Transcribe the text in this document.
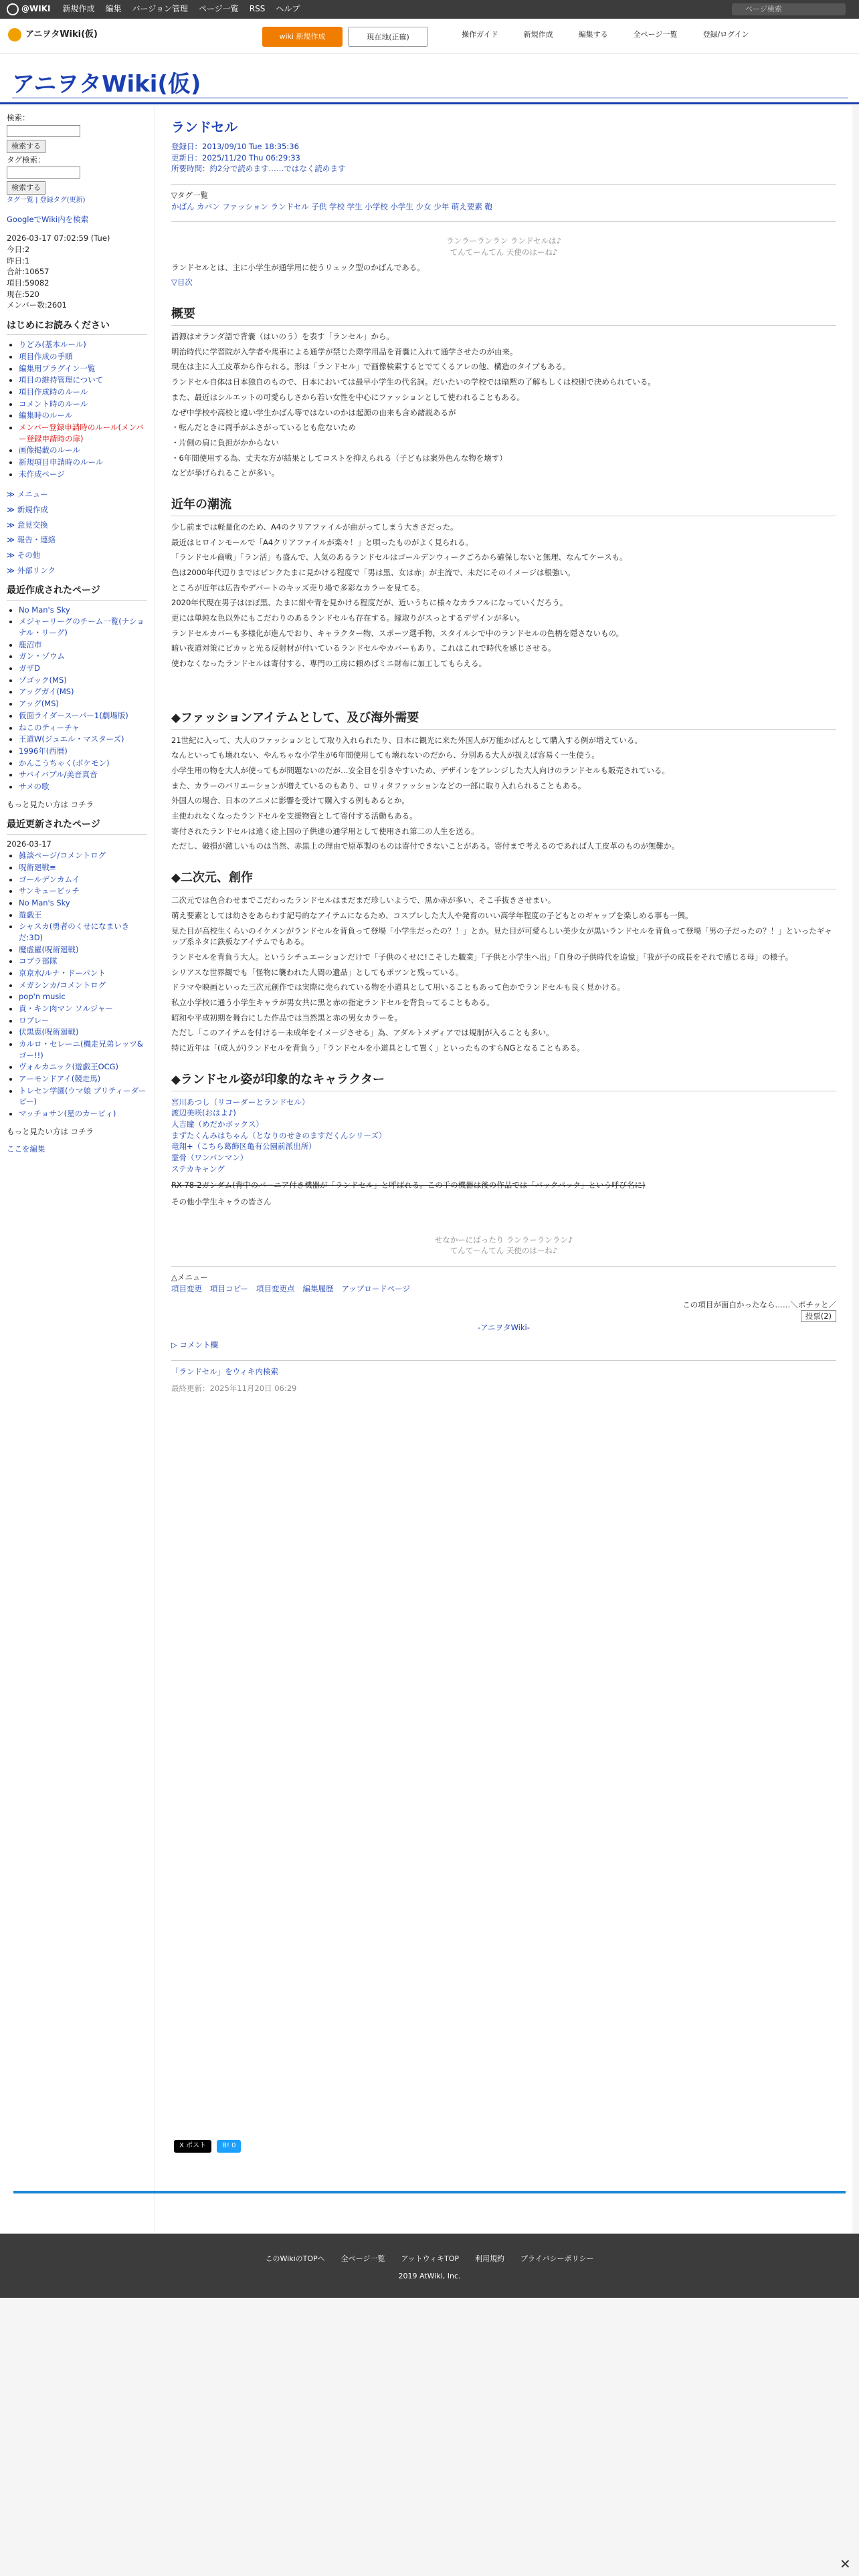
@WIKI 新規作成 編集 バージョン管理 ページ一覧 RSS ヘルプ	ページ検索
アニヲタWiki(仮)	wiki 新規作成	現在地(正確)	操作ガイド	新規作成	編集する	全ページ一覧	登録/ログイン
アニヲタWiki(仮)
検索：
検索する
タグ検索：
検索する
タグ一覧 | 登録タグ(更新)
GoogleでWiki内を検索
2026-03-17 07:02:59 (Tue)
今日:2
昨日:1
合計:10657
項目:59082
現在:520
メンバー数:2601
はじめにお読みください
• りどみ(基本ルール)
• 項目作成の手順
• 編集用プラグイン一覧
• 項目の維持管理について
• 項目作成時のルール
• コメント時のルール
• 編集時のルール
• メンバー登録申請時のルール(メンバー登録申請時の扉)
• 画像掲載のルール
• 新規項目申請時のルール
• 未作成ページ
≫ メニュー
≫ 新規作成
≫ 意見交換
≫ 報告・連絡
≫ その他
≫ 外部リンク
最近作成されたページ
• No Man's Sky
• メジャーリーグのチーム一覧(ナショナル・リーグ)
• 鹿沼市
• ガン・ゾウム
• ガザD
• ゾゴック(MS)
• アッグガイ(MS)
• アッグ(MS)
• 仮面ライダースーパー1(劇場版)
• ねこのティーチャ
• 王道W(ジュエル・マスターズ)
• 1996年(西暦)
• かんこうちゃく(ポケモン)
• サバイバブル/美音真音
• サメの歌
もっと見たい方は コチラ
最近更新されたページ
2026-03-17
• 雑談ページ/コメントログ
• 呪術廻戦≡
• ゴールデンカムイ
• サンキュービッチ
• No Man's Sky
• 遊戯王
• シャスカ(勇者のくせになまいきだ:3D)
• 魔虚羅(呪術廻戦)
• コブラ部隊
• 京京水/ルナ・ドーパント
• メガシンカ/コメントログ
• pop'n music
• 貢・キン肉マン ソルジャー
• ロブレー
• 伏黒恵(呪術廻戦)
• カルロ・セレーニ(機走兄弟レッツ&ゴー!!)
• ヴォルカニック(遊戯王OCG)
• アーモンドアイ(競走馬)
• トレセン学園(ウマ娘 プリティーダービー)
• マッチョサン(星のカービィ)
もっと見たい方は コチラ
ここを編集
ランドセル
登録日：2013/09/10 Tue 18:35:36
更新日：2025/11/20 Thu 06:29:33
所要時間：約2分で読めます……ではなく読めます
▽タグ一覧
かばん カバン ファッション ランドセル 子供 学校 学生 小学校 小学生 少女 少年 萌え要素 鞄
ランラーランラン ランドセルは♪
てんてーんてん 天使のはーね♪

ランドセルとは、主に小学生が通学用に使うリュック型のかばんである。

▽目次

概要

語源はオランダ語で背嚢（はいのう）を表す「ランセル」から。

明治時代に学習院が入学者や馬車による通学が禁じた際学用品を背嚢に入れて通学させたのが由来。

現在は主に人工皮革から作られる。形は「ランドセル」で画像検索するとでてくるアレの他、構造のタイプもある。

ランドセル自体は日本独自のもので、日本においては最早小学生の代名詞。だいたいの学校では暗黙の了解もしくは校則で決められている。

また、最近はシルエットの可愛らしさから若い女性を中心にファッションとして使われることもある。

なぜ中学校や高校と違い学生かばん等ではないのかは起源の由来も含め諸説あるが

・転んだときに両手がふさがっているとも危ないため

・片側の肩に負担がかからない

・6年間使用する為、丈夫な方が結果としてコストを抑えられる（子どもは案外色んな物を壊す）

などが挙げられることが多い。

近年の潮流

少し前までは軽量化のため、A4のクリアファイルが曲がってしまう大きさだった。

最近はヒロインモールで「A4クリアファイルが楽々！」と唄ったものがよく見られる。

「ランドセル商戦」「ラン活」も盛んで、人気のあるランドセルはゴールデンウィークごろから確保しないと無理、なんてケースも。

色は2000年代辺りまではピンクたまに見かける程度で「男は黒、女は赤」が主流で、未だにそのイメージは根強い。

ところが近年は広告やデパートのキッズ売り場で多彩なカラーを見てる。

2020年代現在男子はほぼ黒、たまに紺や青を見かける程度だが、近いうちに様々なカラフルになっていくだろう。

更には単純な色以外にもこだわりのあるランドセルも存在する。縁取りがスっとするデザインが多い。

ランドセルカバーも多様化が進んでおり、キャラクター物、スポーツ選手物、スタイルシで中のランドセルの色柄を隠さないもの。

暗い夜道対策にピカッと光る反射材が付いているランドセルやカバーもあり、これはこれで時代を感じさせる。

使わなくなったランドセルは寄付する、専門の工房に頼めばミニ財布に加工してもらえる。

◆ファッションアイテムとして、及び海外需要

21世紀に入って、大人のファッションとして取り入れられたり、日本に観光に来た外国人が万能かばんとして購入する例が増えている。

なんといっても壊れない、やんちゃな小学生が6年間使用しても壊れないのだから、分別ある大人が扱えば容易く一生使う。

小学生用の物を大人が使ってもが問題ないのだが…安全目を引きやすいため、デザインをアレンジした大人向けのランドセルも販売されている。

また、カラーのバリエーションが増えているのもあり、ロリィタファッションなどの一部に取り入れられることもある。

外国人の場合、日本のアニメに影響を受けて購入する例もあるとか。

主使われなくなったランドセルを支援物資として寄付する活動もある。

寄付されたランドセルは遠く途上国の子供達の通学用として使用され第二の人生を送る。

ただし、破損が激しいものは当然、赤黒上の理由で原革製のものは寄付できないことがある。寄付まで考えるのであれば人工皮革のものが無難か。

◆二次元、創作

二次元では色合わせまでこだわったランドセルはまだまだ珍しいようで、黒か赤が多い、そこ手抜きさせまい。

萌え要素としては幼さをあらわす記号的なアイテムになるため、コスプレした大人や発育のいい高学年程度の子どもとのギャップを楽しめる事も一興。

見た目が高校生くらいのイケメンがランドセルを背負って登場「小学生だったの？！」とか。見た目が可愛らしい美少女が黒いランドセルを背負って登場「男の子だったの？！」といったギャップ系ネタに鉄板なアイテムでもある。

ランドセルを背負う大人。というシチュエーションだけで「子供のくせに!こそした職業」「子供と小学生へ出」「自身の子供時代を追憶」「我が子の成長をそれで感じる母」の様子。

シリアスな世界観でも「怪物に襲われた人間の遺品」としてもポツンと残っている。

ドラマや映画といった三次元創作では実際に売られている物を小道具として用いることもあって色かでランドセルも良く見かける。

私立小学校に通う小学生キャラが男女共に黒と赤の指定ランドセルを背負ってることもある。

昭和や平成初期を舞台にした作品では当然黒と赤の男女カラーを。

ただし「このアイテムを付けるー未成年をイメージさせる」為、アダルトメディアでは規制が入ることも多い。

特に近年は「(成人が)ランドセルを背負う」「ランドセルを小道具として置く」といったものすらNGとなることもある。

◆ランドセル姿が印象的なキャラクター
宮川あつし（リコーダーとランドセル）
渡辺美咲(おはよ♪)
人吉瞳（めだかボックス）
まずたくんみはちゃん（となりのせきのますだくんシリーズ）
竜翔+（こちら葛飾区亀有公園前派出所）
霊骨（ワンパンマン）
ステカキャング
RX-78-2ガンダム(背中のバーニア付き機器が「ランドセル」と呼ばれる。この手の機器は後の作品では「バックパック」という呼び名に)
その他小学生キャラの皆さん
せなかーにばったり ランラーランラン♪
てんてーんてん 天使のはーね♪
△メニュー
項目変更 項目コピー 項目変更点 編集履歴 アップロードページ
この項目が面白かったなら……＼ポチッと／
投票(2)
-アニヲタWiki-
▷ コメント欄
「ランドセル」をウィキ内検索
最終更新：2025年11月20日 06:29
X ポスト	B! 0
このWikiのTOPへ 全ページ一覧 アットウィキTOP 利用規約 プライバシーポリシー
2019 AtWiki, Inc.
✕
